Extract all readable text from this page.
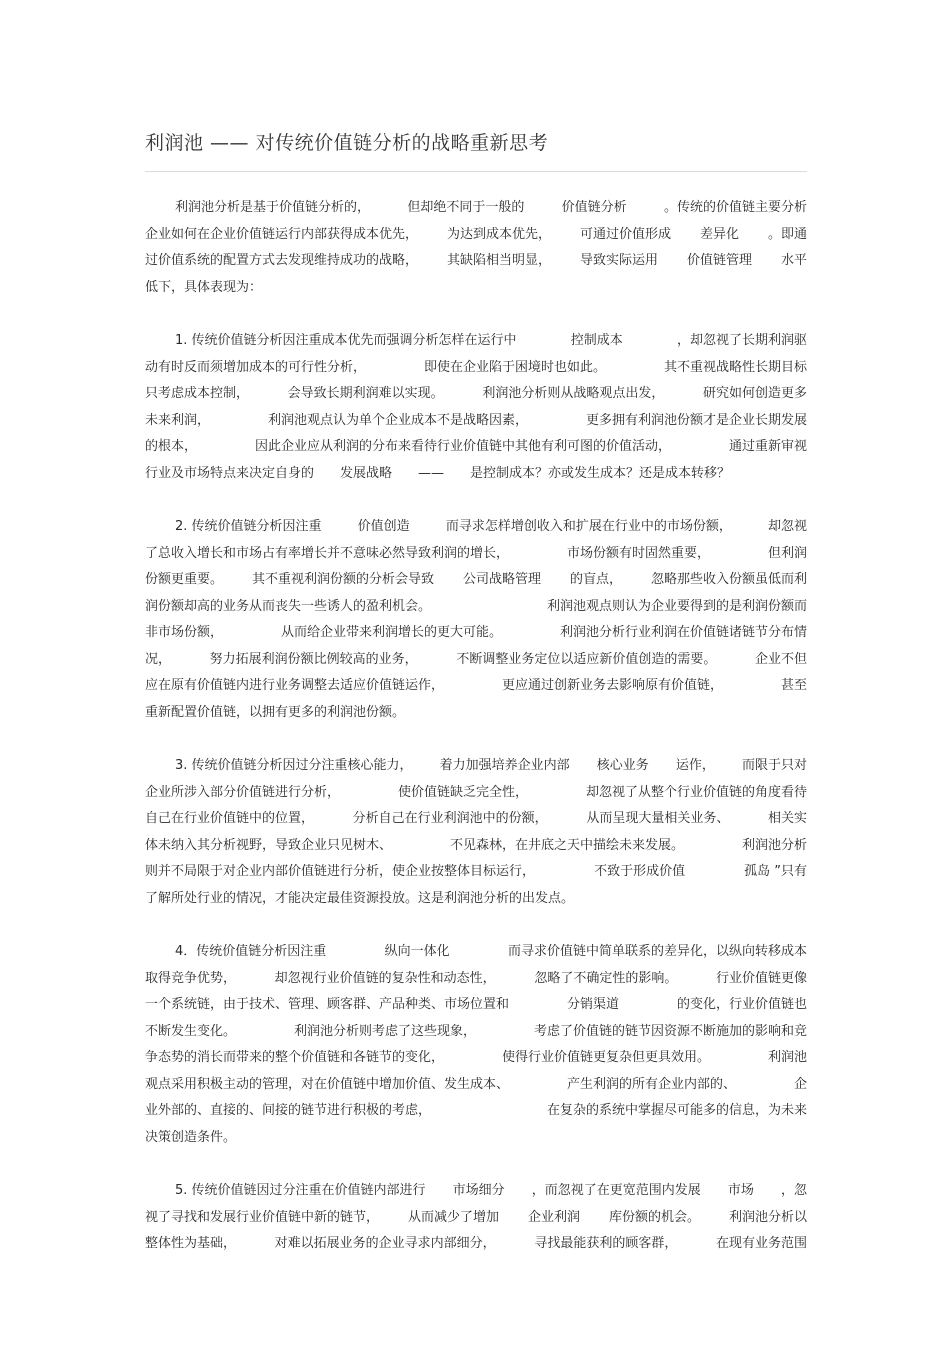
利润池 —— 对传统价值链分析的战略重新思考
利润池分析是基于价值链分析的，	但却绝不同于一般的	价值链分析	。传统的价值链主要分析
企业如何在企业价值链运行内部获得成本优先， 为达到成本优先， 可通过价值形成 差异化 。即通
过价值系统的配置方式去发现维持成功的战略， 其缺陷相当明显， 导致实际运用 价值链管理 水平
低下，具体表现为：
1. 传统价值链分析因注重成本优先而强调分析怎样在运行中	控制成本	，却忽视了长期利润驱
动有时反而须增加成本的可行性分析，	即使在企业陷于困境时也如此。	其不重视战略性长期目标
只考虑成本控制，	会导致长期利润难以实现。	利润池分析则从战略观点出发，	研究如何创造更多
未来利润，	利润池观点认为单个企业成本不是战略因素，	更多拥有利润池份额才是企业长期发展
的根本，	因此企业应从利润的分布来看待行业价值链中其他有利可图的价值活动，	通过重新审视
行业及市场特点来决定自身的 发展战略 —— 是控制成本？亦或发生成本？还是成本转移？
2. 传统价值链分析因注重	价值创造	而寻求怎样增创收入和扩展在行业中的市场份额，	却忽视
了总收入增长和市场占有率增长并不意味必然导致利润的增长，	市场份额有时固然重要，	但利润
份额更重要。 其不重视利润份额的分析会导致 公司战略管理 的盲点， 忽略那些收入份额虽低而利
润份额却高的业务从而丧失一些诱人的盈利机会。	利润池观点则认为企业要得到的是利润份额而
非市场份额，	从而给企业带来利润增长的更大可能。	利润池分析行业利润在价值链诸链节分布情
况，	努力拓展利润份额比例较高的业务，	不断调整业务定位以适应新价值创造的需要。	企业不但
应在原有价值链内进行业务调整去适应价值链运作，	更应通过创新业务去影响原有价值链，	甚至
重新配置价值链，以拥有更多的利润池份额。
3. 传统价值链分析因过分注重核心能力， 着力加强培养企业内部 核心业务 运作， 而限于只对
企业所涉入部分价值链进行分析，	使价值链缺乏完全性，	却忽视了从整个行业价值链的角度看待
自己在行业价值链中的位置，	分析自己在行业利润池中的份额，	从而呈现大量相关业务、	相关实
体未纳入其分析视野，导致企业只见树木、	不见森林，在井底之天中描绘未来发展。	利润池分析
则并不局限于对企业内部价值链进行分析，使企业按整体目标运行，	不致于形成价值	孤岛 ”只有
了解所处行业的情况，才能决定最佳资源投放。这是利润池分析的出发点。
4．传统价值链分析因注重	纵向一体化	而寻求价值链中简单联系的差异化，以纵向转移成本
取得竞争优势，	却忽视行业价值链的复杂性和动态性，	忽略了不确定性的影响。	行业价值链更像
一个系统链，由于技术、管理、顾客群、产品种类、市场位置和	分销渠道	的变化，行业价值链也
不断发生变化。	利润池分析则考虑了这些现象，	考虑了价值链的链节因资源不断施加的影响和竞
争态势的消长而带来的整个价值链和各链节的变化，	使得行业价值链更复杂但更具效用。	利润池
观点采用积极主动的管理，对在价值链中增加价值、发生成本、	产生利润的所有企业内部的、	企
业外部的、直接的、间接的链节进行积极的考虑，	在复杂的系统中掌握尽可能多的信息，为未来
决策创造条件。
5. 传统价值链因过分注重在价值链内部进行 市场细分 ，而忽视了在更宽范围内发展 市场 ，忽
视了寻找和发展行业价值链中新的链节， 从而减少了增加 企业利润 库份额的机会。 利润池分析以
整体性为基础，	对难以拓展业务的企业寻求内部细分，	寻找最能获利的顾客群，	在现有业务范围
